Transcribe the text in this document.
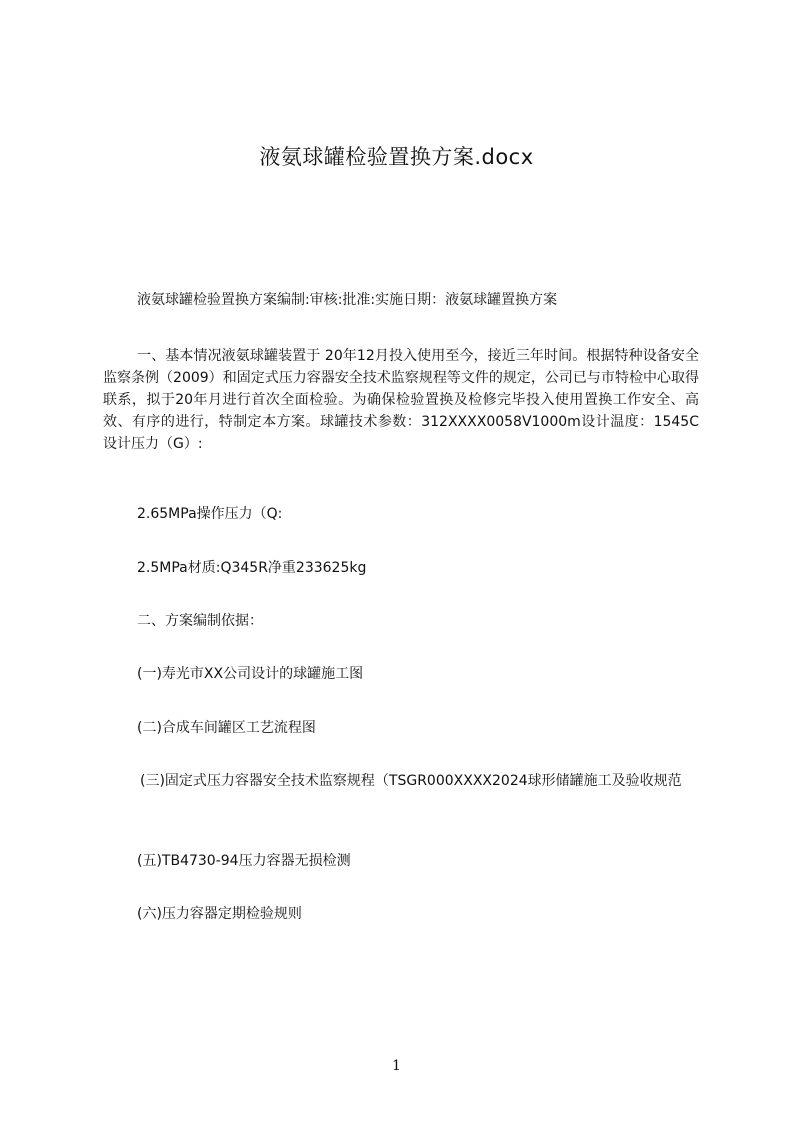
液氨球罐检验置换方案.docx
液氨球罐检验置换方案编制:审核:批准:实施日期：液氨球罐置换方案
一、基本情况液氨球罐装置于 20年12月投入使用至今，接近三年时间。根据特种设备安全监察条例（2009）和固定式压力容器安全技术监察规程等文件的规定，公司已与市特检中心取得联系，拟于20年月进行首次全面检验。为确保检验置换及检修完毕投入使用置换工作安全、高效、有序的进行，特制定本方案。球罐技术参数：312XXXX0058V1000m设计温度：1545C设计压力（G）:
2.65MPa操作压力（Q:
2.5MPa材质:Q345R净重233625kg
二、方案编制依据：
(一)寿光市XX公司设计的球罐施工图
(二)合成车间罐区工艺流程图
(三)固定式压力容器安全技术监察规程（TSGR000XXXX2024球形储罐施工及验收规范
(五)TB4730-94压力容器无损检测
(六)压力容器定期检验规则
1
